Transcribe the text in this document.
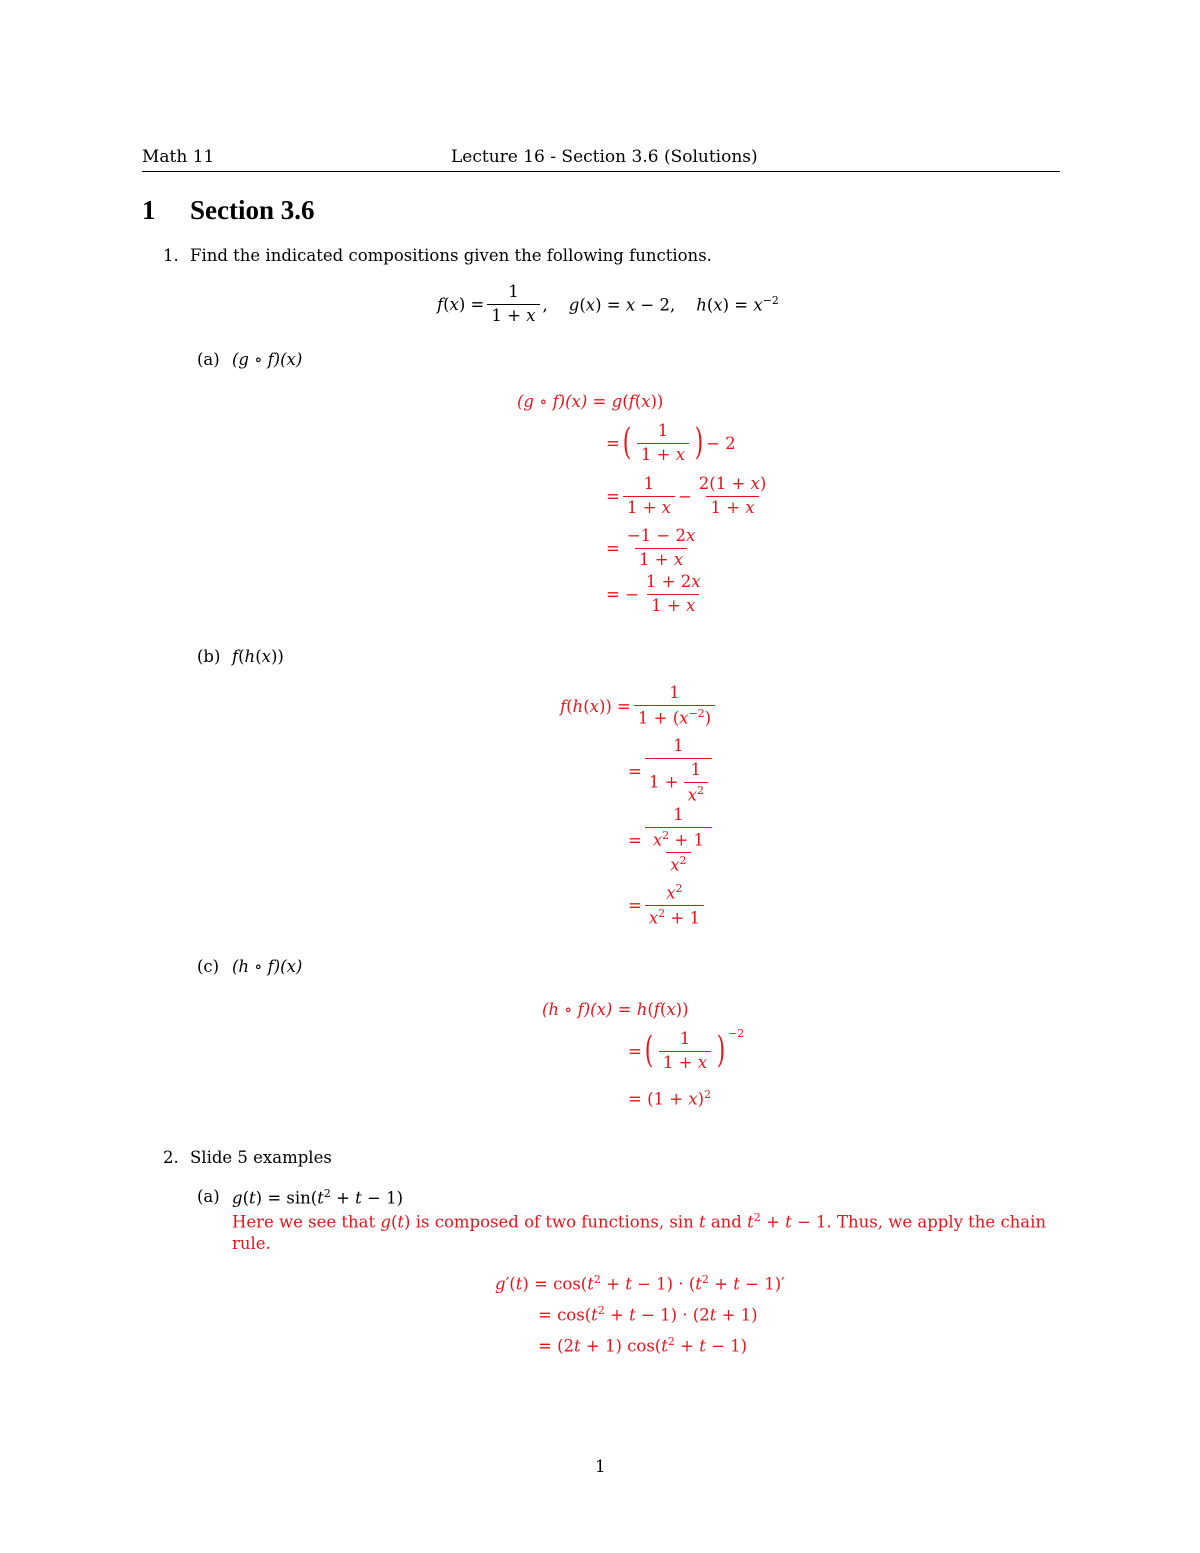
Math 11	Lecture 16 - Section 3.6 (Solutions)
1 Section 3.6
1. Find the indicated compositions given the following functions.
$f(x) = \frac{1}{1 + x}$ ,    g(x) = x − 2,    $h(x) = x^{-2}$
(a) (g ∘ f)(x)
(g ∘ f)(x) = g(f(x))
= ( $\frac{1}{1 + x}$ ) − 2
= $\frac{1}{1 + x} - \frac{2(1 + x)}{1 + x}$
= $\frac{-1 - 2x}{1 + x}$
= − $\frac{1 + 2x}{1 + x}$
(b) f(h(x))
$f(h(x)) = \frac{1}{1 + (x^{-2})}$
= $\frac{1}{1 + \frac{1}{x^2}}$
= $\frac{1}{\frac{x^2 + 1}{x^2}}$
= $\frac{x^2}{x^2 + 1}$
(c) (h ∘ f)(x)
(h ∘ f)(x) = h(f(x))
= ( $\frac{1}{1 + x}$ ) −2
= $(1 + x)^2$
2. Slide 5 examples
(a) $g(t) = \sin(t^2 + t - 1)$
Here we see that g(t) is composed of two functions, sin t and $t^2 + t - 1$. Thus, we apply the chain
rule.
$g'(t) = \cos(t^2 + t - 1) \cdot (t^2 + t - 1)'$
= $\cos(t^2 + t - 1) \cdot (2t + 1)$
= (2t + 1) $\cos(t^2 + t - 1)$
1
